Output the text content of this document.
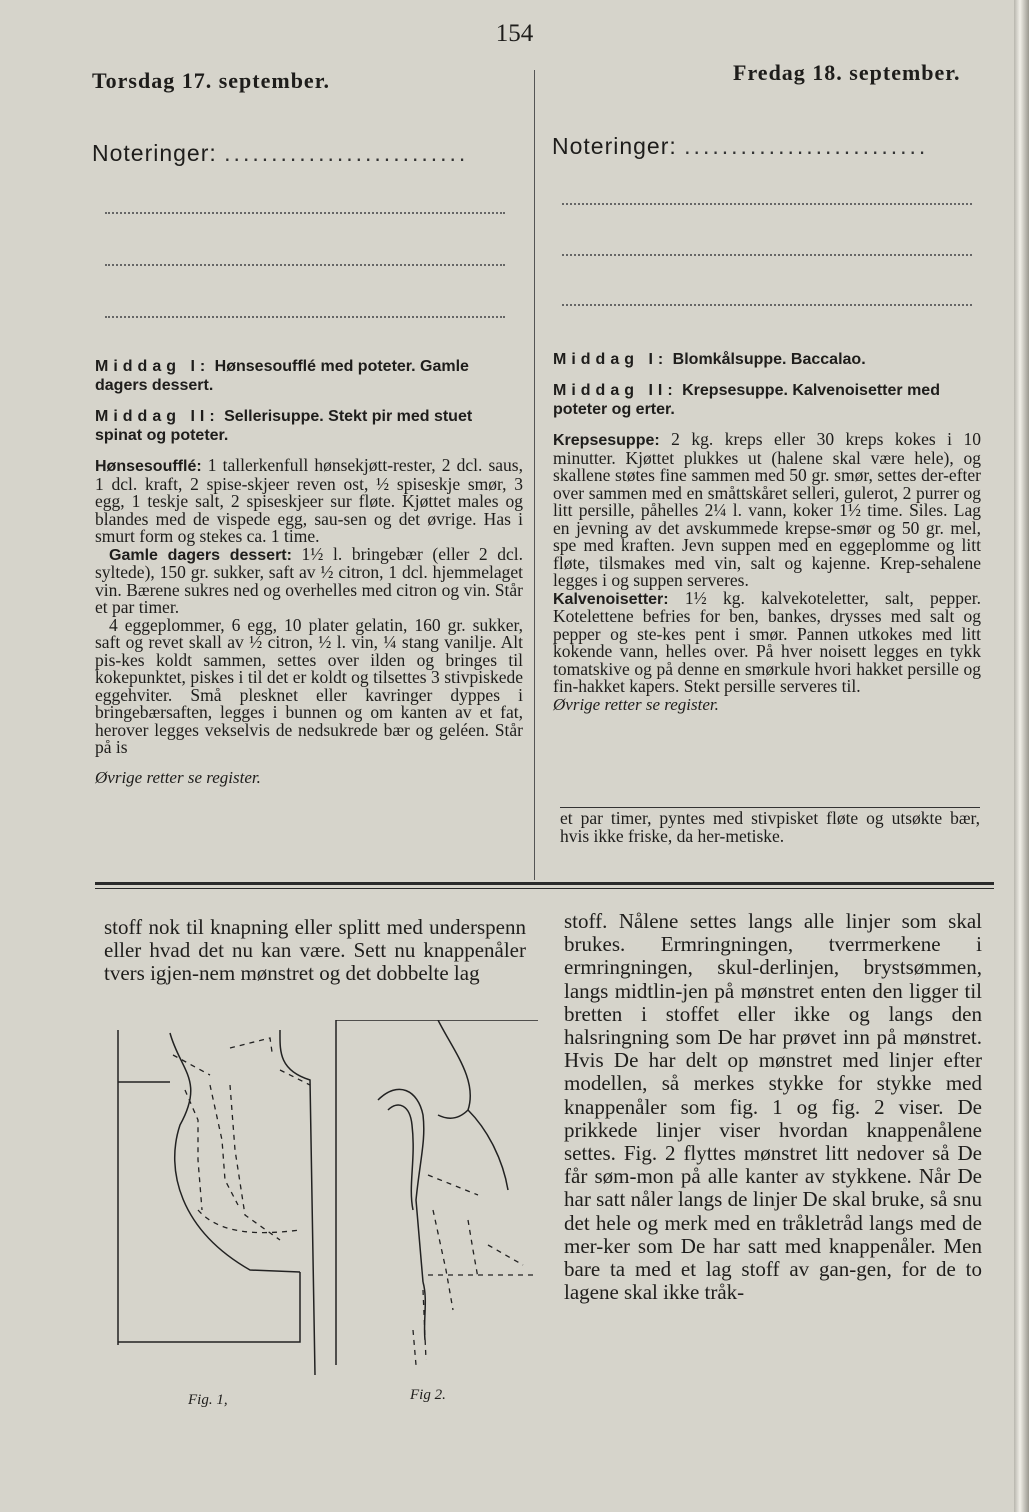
154
Torsdag 17. september.
Noteringer: ..........................
Fredag 18. september.
Noteringer: ..........................

Middag I: Hønsesoufflé med poteter. Gamle dagers dessert.

Middag II: Sellerisuppe. Stekt pir med stuet spinat og poteter.

Hønsesoufflé: 1 tallerkenfull hønsekjøtt-rester, 2 dcl. saus, 1 dcl. kraft, 2 spise-skjeer reven ost, ½ spiseskje smør, 3 egg, 1 teskje salt, 2 spiseskjeer sur fløte. Kjøttet males og blandes med de vispede egg, sau-sen og det øvrige. Has i smurt form og stekes ca. 1 time.

Gamle dagers dessert: 1½ l. bringebær (eller 2 dcl. syltede), 150 gr. sukker, saft av ½ citron, 1 dcl. hjemmelaget vin. Bærene sukres ned og overhelles med citron og vin. Står et par timer.

4 eggeplommer, 6 egg, 10 plater gelatin, 160 gr. sukker, saft og revet skall av ½ citron, ½ l. vin, ¼ stang vanilje. Alt pis-kes koldt sammen, settes over ilden og bringes til kokepunktet, piskes i til det er koldt og tilsettes 3 stivpiskede eggehviter. Små plesknet eller kavringer dyppes i bringebærsaften, legges i bunnen og om kanten av et fat, herover legges vekselvis de nedsukrede bær og geléen. Står på is

Øvrige retter se register.

Middag I: Blomkålsuppe. Baccalao.

Middag II: Krepsesuppe. Kalvenoisetter med poteter og erter.

Krepsesuppe: 2 kg. kreps eller 30 kreps kokes i 10 minutter. Kjøttet plukkes ut (halene skal være hele), og skallene støtes fine sammen med 50 gr. smør, settes der-efter over sammen med en småttskåret selleri, gulerot, 2 purrer og litt persille, påhelles 2¼ l. vann, koker 1½ time. Siles. Lag en jevning av det avskummede krepse-smør og 50 gr. mel, spe med kraften. Jevn suppen med en eggeplomme og litt fløte, tilsmakes med vin, salt og kajenne. Krep-sehalene legges i og suppen serveres.

Kalvenoisetter: 1½ kg. kalvekoteletter, salt, pepper. Kotelettene befries for ben, bankes, drysses med salt og pepper og ste-kes pent i smør. Pannen utkokes med litt kokende vann, helles over. På hver noisett legges en tykk tomatskive og på denne en smørkule hvori hakket persille og fin-hakket kapers. Stekt persille serveres til.

Øvrige retter se register.

et par timer, pyntes med stivpisket fløte og utsøkte bær, hvis ikke friske, da her-metiske.
stoff nok til knapning eller splitt med underspenn eller hvad det nu kan være. Sett nu knappenåler tvers igjen-nem mønstret og det dobbelte lag
stoff. Nålene settes langs alle linjer som skal brukes. Ermringningen, tverrmerkene i ermringningen, skul-derlinjen, brystsømmen, langs midtlin-jen på mønstret enten den ligger til bretten i stoffet eller ikke og langs den halsringning som De har prøvet inn på mønstret. Hvis De har delt op mønstret med linjer efter modellen, så merkes stykke for stykke med knappenåler som fig. 1 og fig. 2 viser. De prikkede linjer viser hvordan knappenålene settes. Fig. 2 flyttes mønstret litt nedover så De får søm-mon på alle kanter av stykkene. Når De har satt nåler langs de linjer De skal bruke, så snu det hele og merk med en tråkletråd langs med de mer-ker som De har satt med knappenåler. Men bare ta med et lag stoff av gan-gen, for de to lagene skal ikke tråk-
Fig. 1,	Fig 2.
